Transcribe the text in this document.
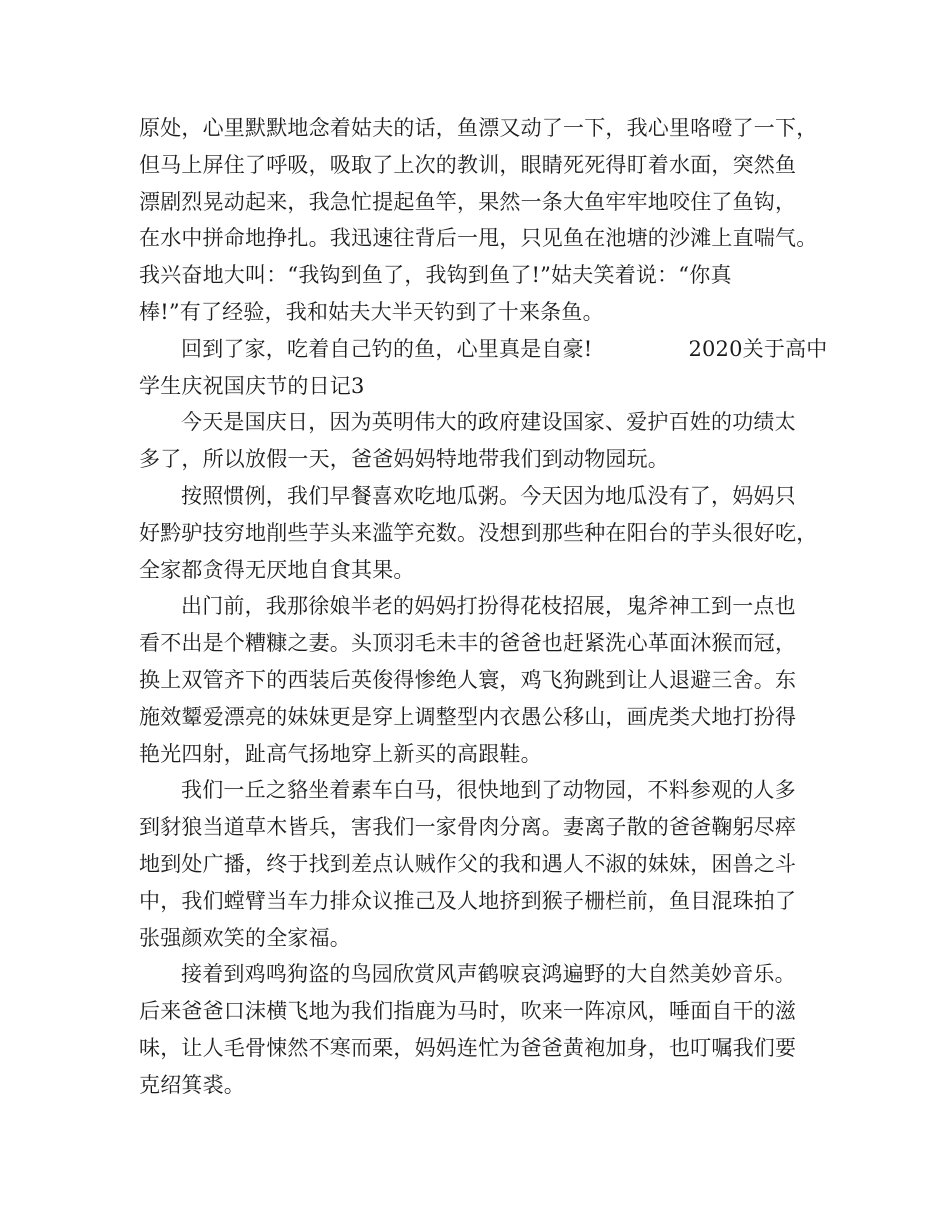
原处，心里默默地念着姑夫的话，鱼漂又动了一下，我心里咯噔了一下，
但马上屏住了呼吸，吸取了上次的教训，眼睛死死得盯着水面，突然鱼
漂剧烈晃动起来，我急忙提起鱼竿，果然一条大鱼牢牢地咬住了鱼钩，
在水中拼命地挣扎。我迅速往背后一甩，只见鱼在池塘的沙滩上直喘气。
我兴奋地大叫：“我钩到鱼了，我钩到鱼了!”姑夫笑着说：“你真
棒!”有了经验，我和姑夫大半天钓到了十来条鱼。
回到了家，吃着自己钓的鱼，心里真是自豪!	2020关于高中
学生庆祝国庆节的日记3
今天是国庆日，因为英明伟大的政府建设国家、爱护百姓的功绩太
多了，所以放假一天，爸爸妈妈特地带我们到动物园玩。
按照惯例，我们早餐喜欢吃地瓜粥。今天因为地瓜没有了，妈妈只
好黔驴技穷地削些芋头来滥竽充数。没想到那些种在阳台的芋头很好吃，
全家都贪得无厌地自食其果。
出门前，我那徐娘半老的妈妈打扮得花枝招展，鬼斧神工到一点也
看不出是个糟糠之妻。头顶羽毛未丰的爸爸也赶紧洗心革面沐猴而冠，
换上双管齐下的西装后英俊得惨绝人寰，鸡飞狗跳到让人退避三舍。东
施效颦爱漂亮的妹妹更是穿上调整型内衣愚公移山，画虎类犬地打扮得
艳光四射，趾高气扬地穿上新买的高跟鞋。
我们一丘之貉坐着素车白马，很快地到了动物园，不料参观的人多
到豺狼当道草木皆兵，害我们一家骨肉分离。妻离子散的爸爸鞠躬尽瘁
地到处广播，终于找到差点认贼作父的我和遇人不淑的妹妹，困兽之斗
中，我们螳臂当车力排众议推己及人地挤到猴子栅栏前，鱼目混珠拍了
张强颜欢笑的全家福。
接着到鸡鸣狗盗的鸟园欣赏风声鹤唳哀鸿遍野的大自然美妙音乐。
后来爸爸口沫横飞地为我们指鹿为马时，吹来一阵凉风，唾面自干的滋
味，让人毛骨悚然不寒而栗，妈妈连忙为爸爸黄袍加身，也叮嘱我们要
克绍箕裘。
